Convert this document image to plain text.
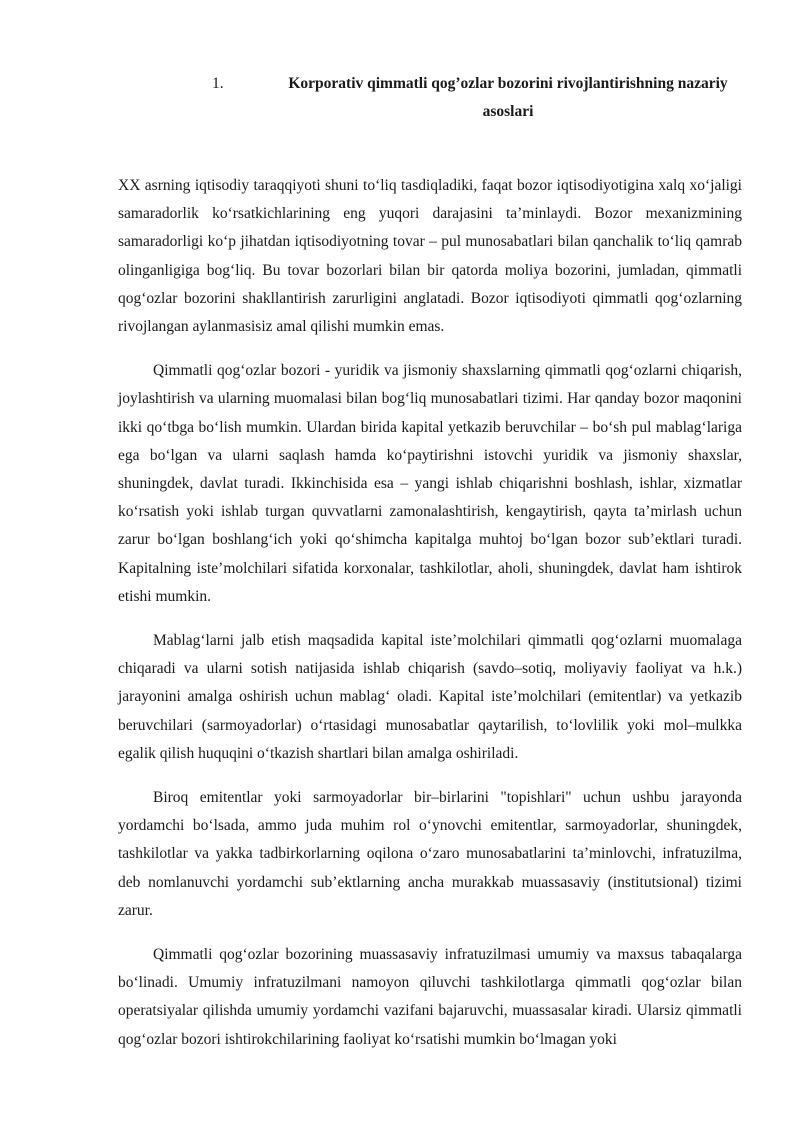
1.	Korporativ qimmatli qog’ozlar bozorini rivojlantirishning nazariy asoslari

XX asrning iqtisodiy taraqqiyoti shuni to‘liq tasdiqladiki, faqat bozor iqtisodiyotigina xalq xo‘jaligi samaradorlik ko‘rsatkichlarining eng yuqori darajasini ta’minlaydi. Bozor mexanizmining samaradorligi ko‘p jihatdan iqtisodiyotning tovar – pul munosabatlari bilan qanchalik to‘liq qamrab olinganligiga bog‘liq. Bu tovar bozorlari bilan bir qatorda moliya bozorini, jumladan, qimmatli qog‘ozlar bozorini shakllantirish zarurligini anglatadi. Bozor iqtisodiyoti qimmatli qog‘ozlarning rivojlangan aylanmasisiz amal qilishi mumkin emas.

Qimmatli qog‘ozlar bozori - yuridik va jismoniy shaxslarning qimmatli qog‘ozlarni chiqarish, joylashtirish va ularning muomalasi bilan bog‘liq munosabatlari tizimi. Har qanday bozor maqonini ikki qo‘tbga bo‘lish mumkin. Ulardan birida kapital yetkazib beruvchilar – bo‘sh pul mablag‘lariga ega bo‘lgan va ularni saqlash hamda ko‘paytirishni istovchi yuridik va jismoniy shaxslar, shuningdek, davlat turadi. Ikkinchisida esa – yangi ishlab chiqarishni boshlash, ishlar, xizmatlar ko‘rsatish yoki ishlab turgan quvvatlarni zamonalashtirish, kengaytirish, qayta ta’mirlash uchun zarur bo‘lgan boshlang‘ich yoki qo‘shimcha kapitalga muhtoj bo‘lgan bozor sub’ektlari turadi. Kapitalning iste’molchilari sifatida korxonalar, tashkilotlar, aholi, shuningdek, davlat ham ishtirok etishi mumkin.

Mablag‘larni jalb etish maqsadida kapital iste’molchilari qimmatli qog‘ozlarni muomalaga chiqaradi va ularni sotish natijasida ishlab chiqarish (savdo–sotiq, moliyaviy faoliyat va h.k.) jarayonini amalga oshirish uchun mablag‘ oladi. Kapital iste’molchilari (emitentlar) va yetkazib beruvchilari (sarmoyadorlar) o‘rtasidagi munosabatlar qaytarilish, to‘lovlilik yoki mol–mulkka egalik qilish huquqini o‘tkazish shartlari bilan amalga oshiriladi.

Biroq emitentlar yoki sarmoyadorlar bir–birlarini "topishlari" uchun ushbu jarayonda yordamchi bo‘lsada, ammo juda muhim rol o‘ynovchi emitentlar, sarmoyadorlar, shuningdek, tashkilotlar va yakka tadbirkorlarning oqilona o‘zaro munosabatlarini ta’minlovchi, infratuzilma, deb nomlanuvchi yordamchi sub’ektlarning ancha murakkab muassasaviy (institutsional) tizimi zarur.

Qimmatli qog‘ozlar bozorining muassasaviy infratuzilmasi umumiy va maxsus tabaqalarga bo‘linadi. Umumiy infratuzilmani namoyon qiluvchi tashkilotlarga qimmatli qog‘ozlar bilan operatsiyalar qilishda umumiy yordamchi vazifani bajaruvchi, muassasalar kiradi. Ularsiz qimmatli qog‘ozlar bozori ishtirokchilarining faoliyat ko‘rsatishi mumkin bo‘lmagan yoki
